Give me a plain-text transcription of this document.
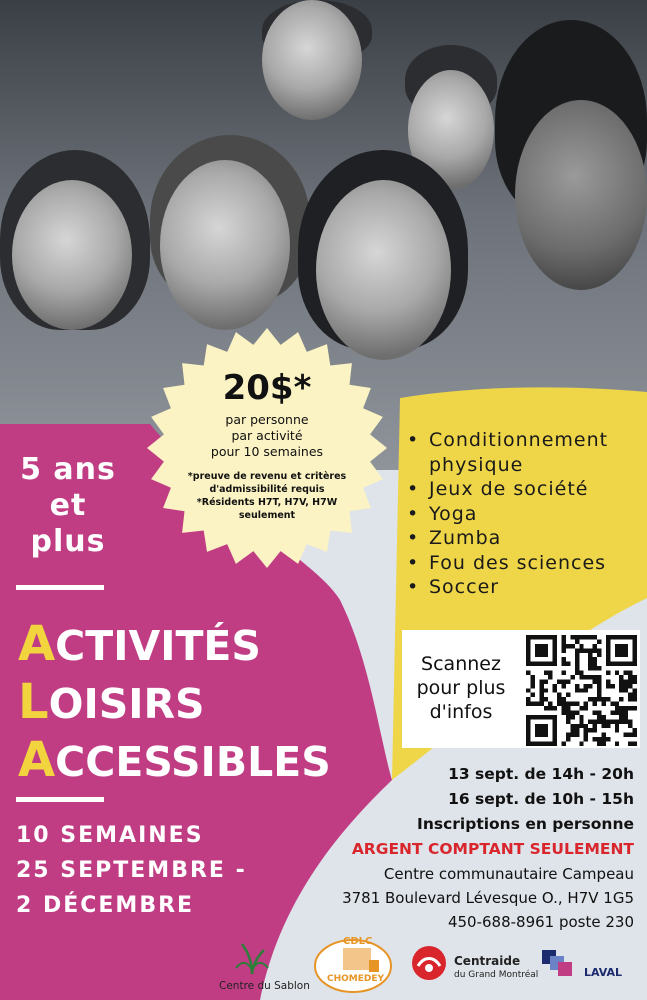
20$*
par personne
par activité
pour 10 semaines
*preuve de revenu et critères
d'admissibilité requis
*Résidents H7T, H7V, H7W
seulement
5 ans
et
plus
ACTIVITÉS
LOISIRS
ACCESSIBLES
10 SEMAINES
25 SEPTEMBRE -
2 DÉCEMBRE
• Conditionnement
physique
• Jeux de société
• Yoga
• Zumba
• Fou des sciences
• Soccer
Scannez
pour plus
d'infos
13 sept. de 14h - 20h
16 sept. de 10h - 15h
Inscriptions en personne
ARGENT COMPTANT SEULEMENT
Centre communautaire Campeau
3781 Boulevard Lévesque O., H7V 1G5
450-688-8961 poste 230
Centre du Sablon
CDLC
CHOMEDEY
Centraide
du Grand Montréal	LAVAL
